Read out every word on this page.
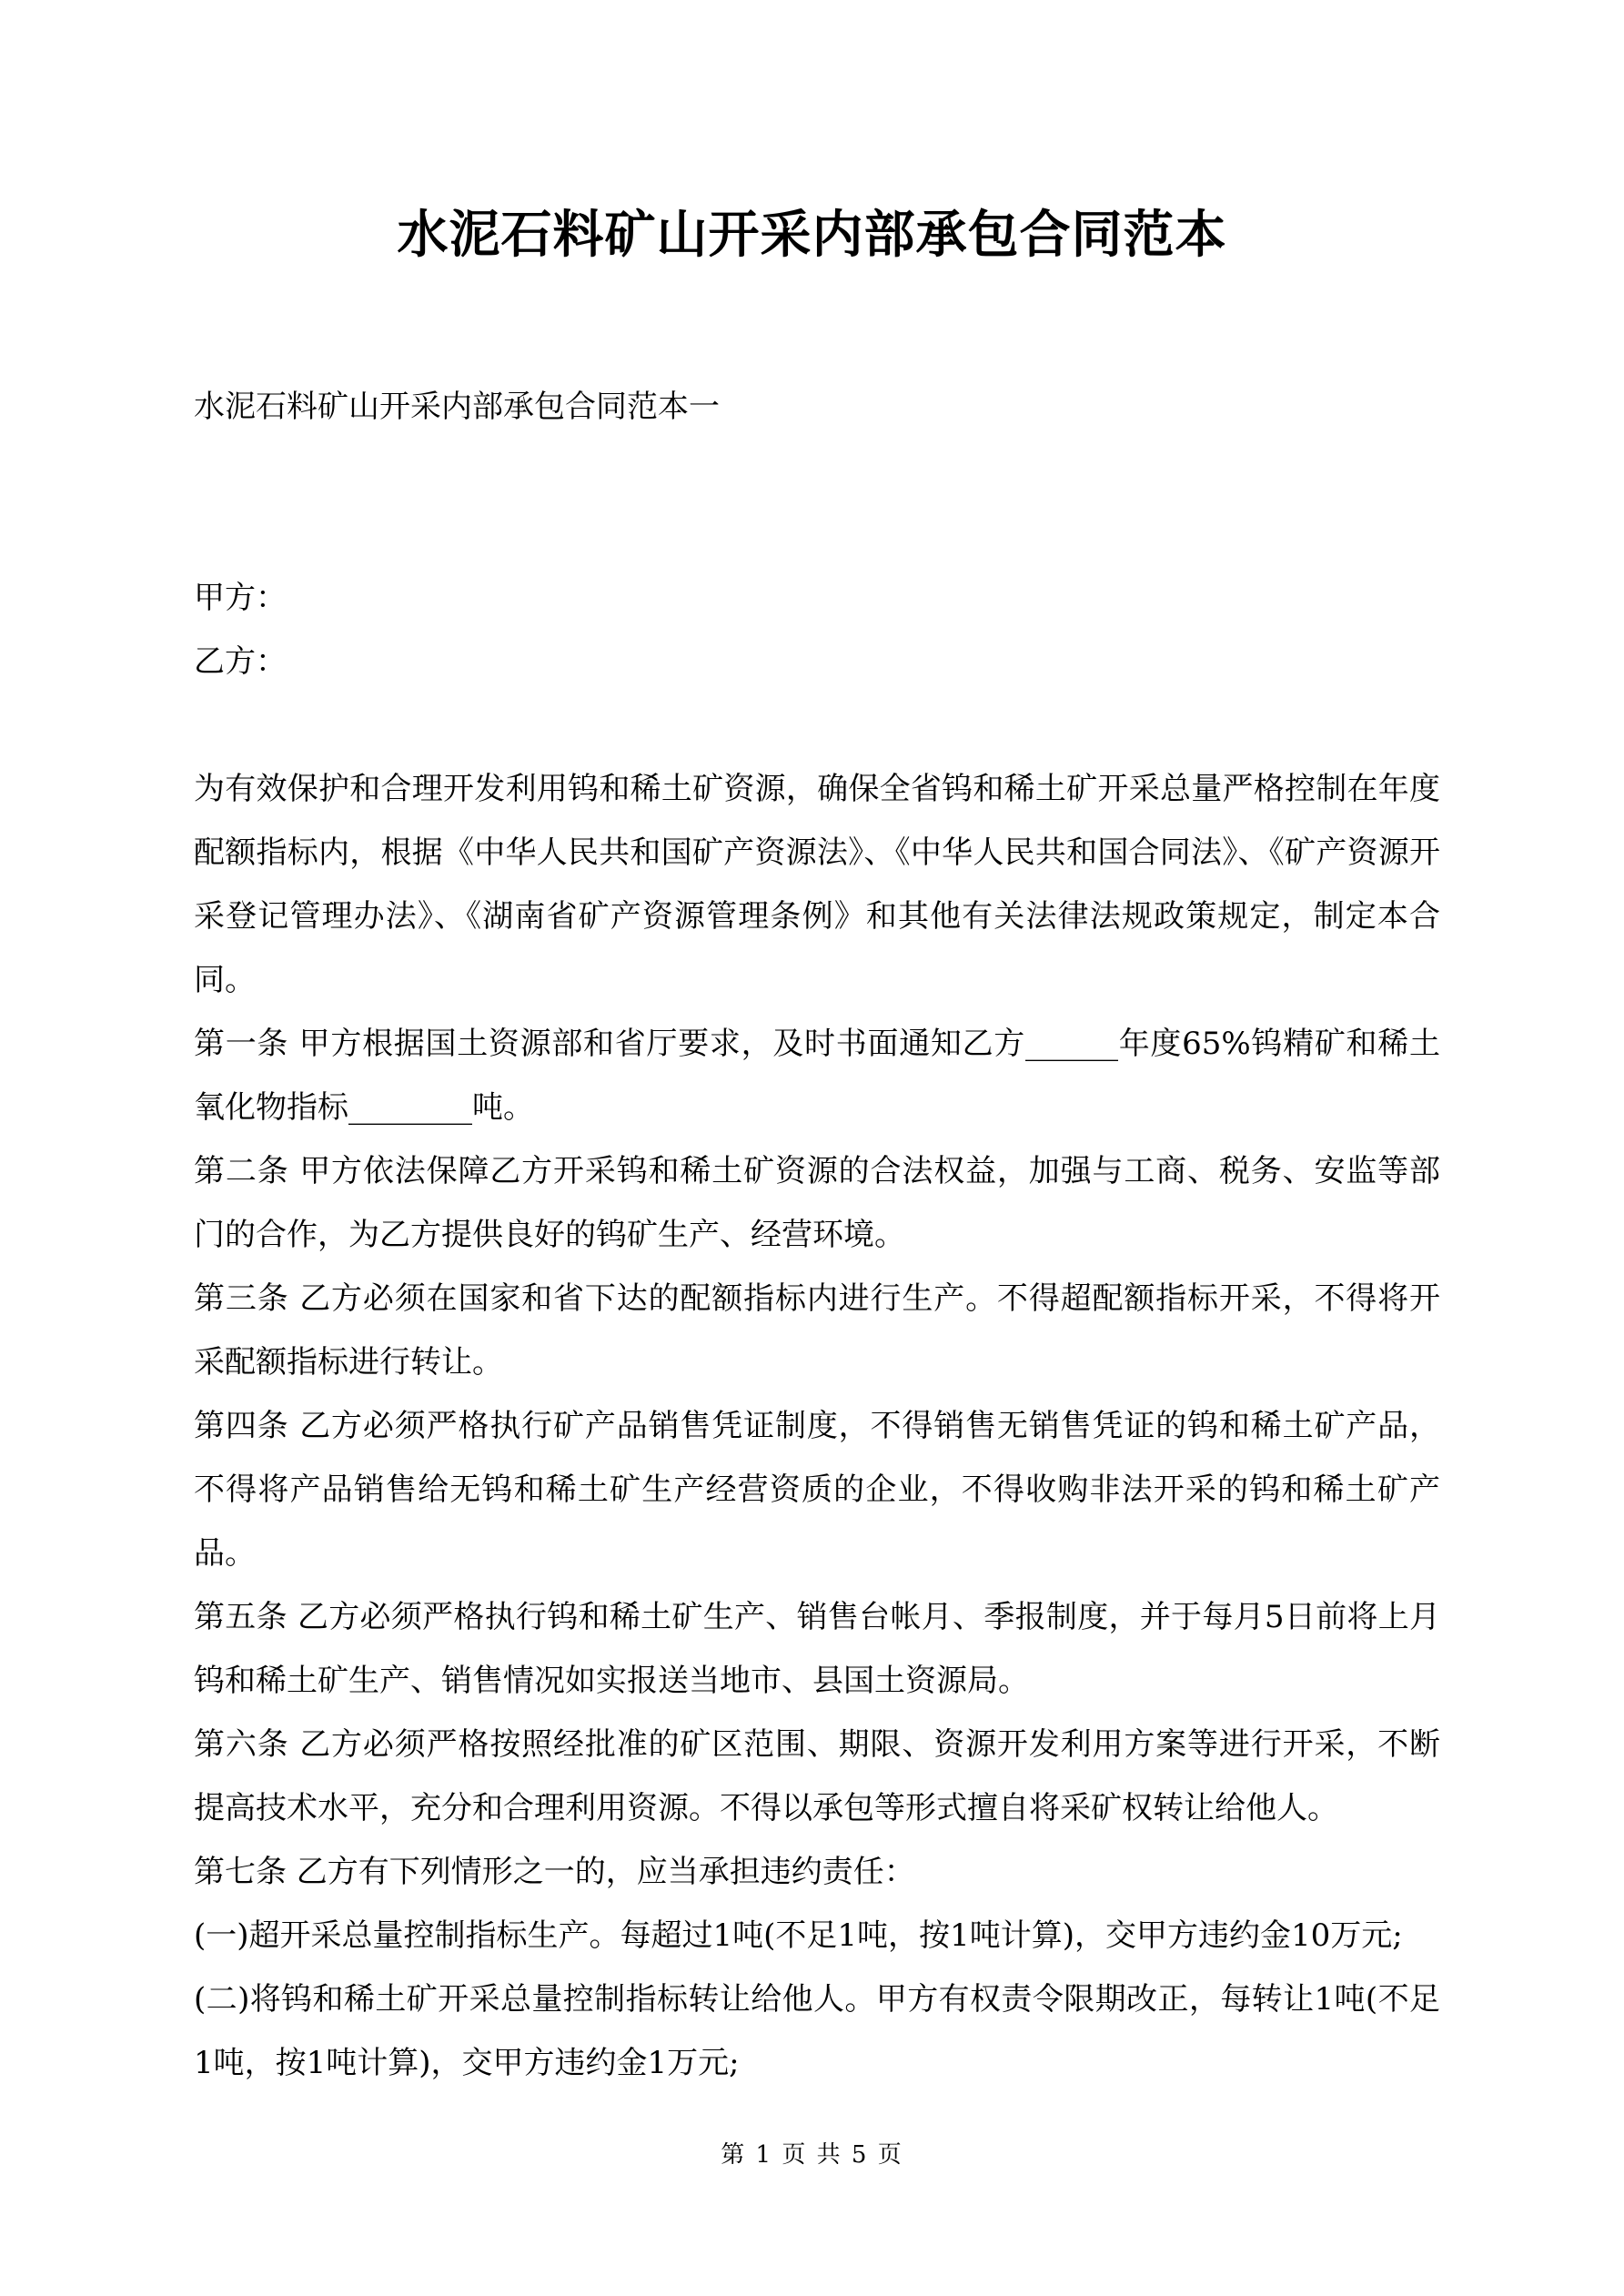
水泥石料矿山开采内部承包合同范本

水泥石料矿山开采内部承包合同范本一

甲方：

乙方：

为有效保护和合理开发利用钨和稀土矿资源，确保全省钨和稀土矿开采总量严格控制在年度配额指标内，根据《中华人民共和国矿产资源法》、《中华人民共和国合同法》、《矿产资源开采登记管理办法》、《湖南省矿产资源管理条例》和其他有关法律法规政策规定，制定本合同。

第一条 甲方根据国土资源部和省厅要求，及时书面通知乙方______年度65%钨精矿和稀土氧化物指标________吨。

第二条 甲方依法保障乙方开采钨和稀土矿资源的合法权益，加强与工商、税务、安监等部门的合作，为乙方提供良好的钨矿生产、经营环境。

第三条 乙方必须在国家和省下达的配额指标内进行生产。不得超配额指标开采，不得将开采配额指标进行转让。

第四条 乙方必须严格执行矿产品销售凭证制度，不得销售无销售凭证的钨和稀土矿产品，不得将产品销售给无钨和稀土矿生产经营资质的企业，不得收购非法开采的钨和稀土矿产品。

第五条 乙方必须严格执行钨和稀土矿生产、销售台帐月、季报制度，并于每月5日前将上月钨和稀土矿生产、销售情况如实报送当地市、县国土资源局。

第六条 乙方必须严格按照经批准的矿区范围、期限、资源开发利用方案等进行开采，不断提高技术水平，充分和合理利用资源。不得以承包等形式擅自将采矿权转让给他人。

第七条 乙方有下列情形之一的，应当承担违约责任：

(一)超开采总量控制指标生产。每超过1吨(不足1吨，按1吨计算)，交甲方违约金10万元;

(二)将钨和稀土矿开采总量控制指标转让给他人。甲方有权责令限期改正，每转让1吨(不足1吨，按1吨计算)，交甲方违约金1万元;

第 1 页 共 5 页
